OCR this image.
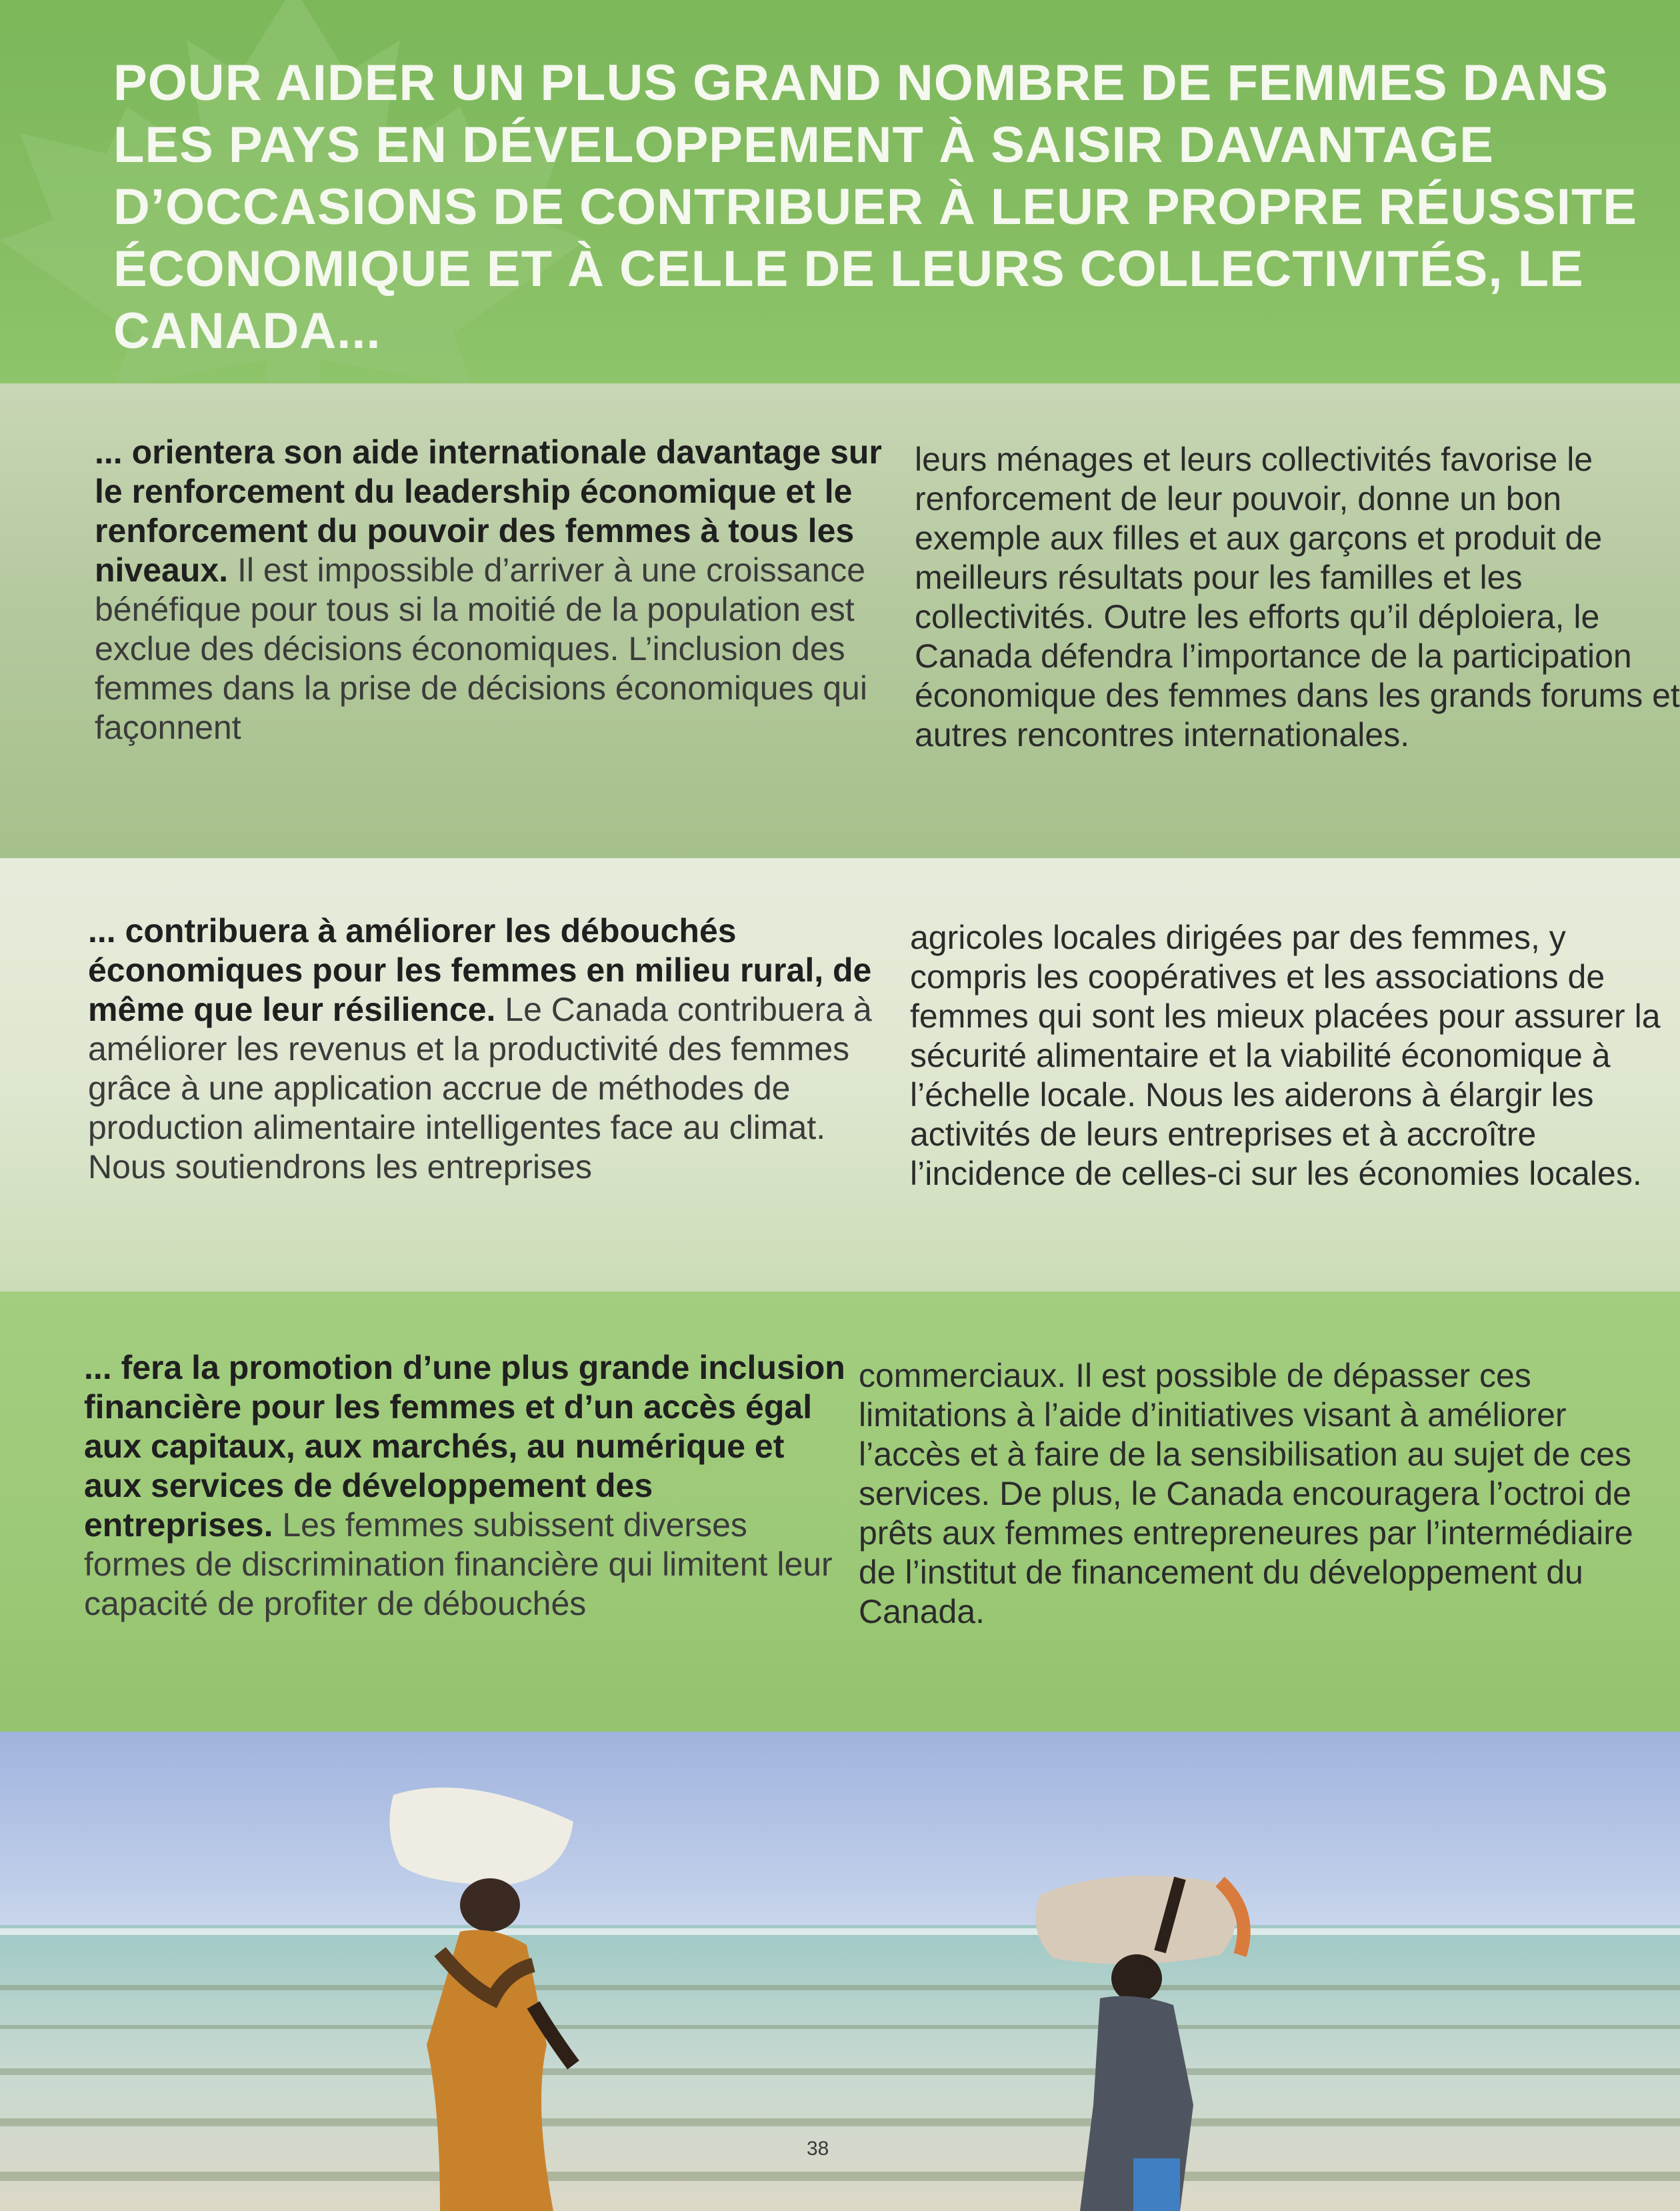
POUR AIDER UN PLUS GRAND NOMBRE DE FEMMES DANS LES PAYS EN DÉVELOPPEMENT À SAISIR DAVANTAGE D’OCCASIONS DE CONTRIBUER À LEUR PROPRE RÉUSSITE ÉCONOMIQUE ET À CELLE DE LEURS COLLECTIVITÉS, LE CANADA...
... orientera son aide internationale davantage sur le renforcement du leadership économique et le renforcement du pouvoir des femmes à tous les niveaux. Il est impossible d’arriver à une croissance bénéfique pour tous si la moitié de la population est exclue des décisions économiques. L’inclusion des femmes dans la prise de décisions économiques qui façonnent
leurs ménages et leurs collectivités favorise le renforcement de leur pouvoir, donne un bon exemple aux filles et aux garçons et produit de meilleurs résultats pour les familles et les collectivités. Outre les efforts qu’il déploiera, le Canada défendra l’importance de la participation économique des femmes dans les grands forums et autres rencontres internationales.
... contribuera à améliorer les débouchés économiques pour les femmes en milieu rural, de même que leur résilience. Le Canada contribuera à améliorer les revenus et la productivité des femmes grâce à une application accrue de méthodes de production alimentaire intelligentes face au climat. Nous soutiendrons les entreprises
agricoles locales dirigées par des femmes, y compris les coopératives et les associations de femmes qui sont les mieux placées pour assurer la sécurité alimentaire et la viabilité économique à l’échelle locale. Nous les aiderons à élargir les activités de leurs entreprises et à accroître l’incidence de celles-ci sur les économies locales.
... fera la promotion d’une plus grande inclusion financière pour les femmes et d’un accès égal aux capitaux, aux marchés, au numérique et aux services de développement des entreprises. Les femmes subissent diverses formes de discrimination financière qui limitent leur capacité de profiter de débouchés
commerciaux. Il est possible de dépasser ces limitations à l’aide d’initiatives visant à améliorer l’accès et à faire de la sensibilisation au sujet de ces services. De plus, le Canada encouragera l’octroi de prêts aux femmes entrepreneures par l’intermédiaire de l’institut de financement du développement du Canada.
38
